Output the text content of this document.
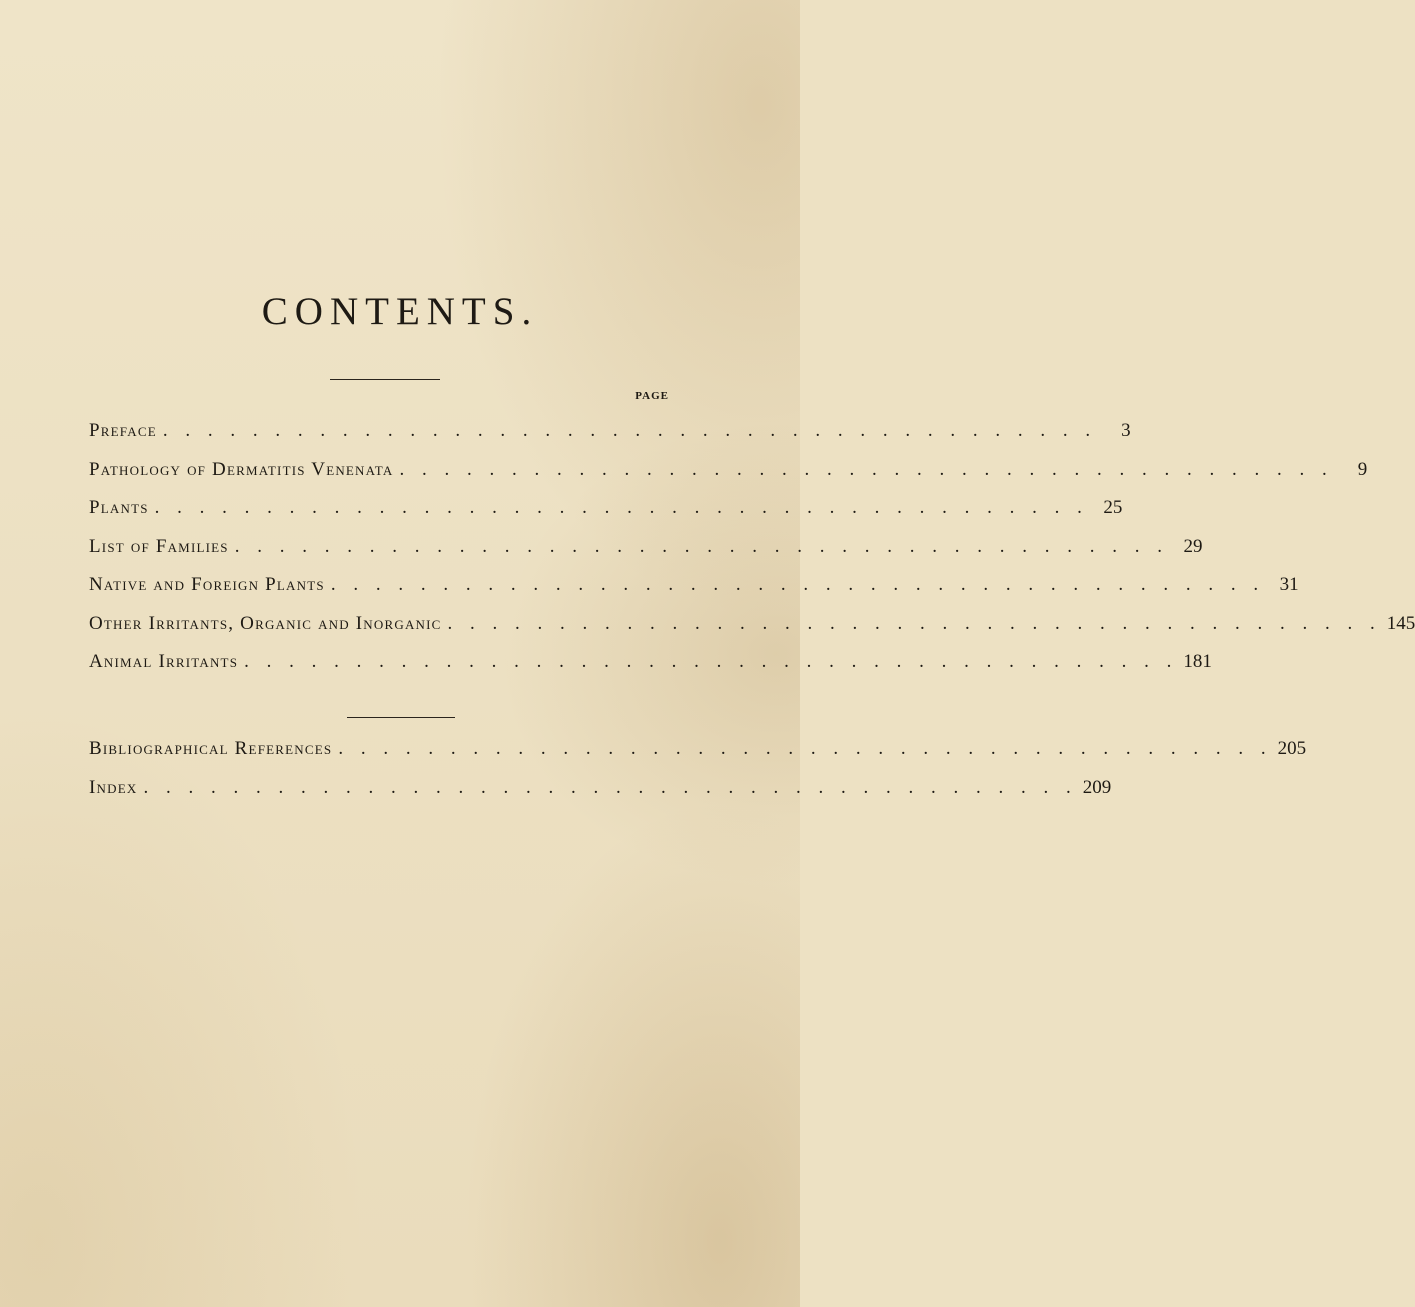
CONTENTS.
PAGE
Preface . . . . . . . . . . . . . . . . . . . . . . . . . . . . . . . . . . . . . . . . . .	3
Pathology of Dermatitis Venenata . . . . . . . . . . . . . . . . . . . . . . . . . . . . . . . . . . . . . . . . . .	9
Plants . . . . . . . . . . . . . . . . . . . . . . . . . . . . . . . . . . . . . . . . . . 25
List of Families . . . . . . . . . . . . . . . . . . . . . . . . . . . . . . . . . . . . . . . . . . 29
Native and Foreign Plants . . . . . . . . . . . . . . . . . . . . . . . . . . . . . . . . . . . . . . . . . . 31
Other Irritants, Organic and Inorganic . . . . . . . . . . . . . . . . . . . . . . . . . . . . . . . . . . . . . . . . . . 145
Animal Irritants . . . . . . . . . . . . . . . . . . . . . . . . . . . . . . . . . . . . . . . . . . 181
Bibliographical References . . . . . . . . . . . . . . . . . . . . . . . . . . . . . . . . . . . . . . . . . . 205
Index . . . . . . . . . . . . . . . . . . . . . . . . . . . . . . . . . . . . . . . . . . 209
